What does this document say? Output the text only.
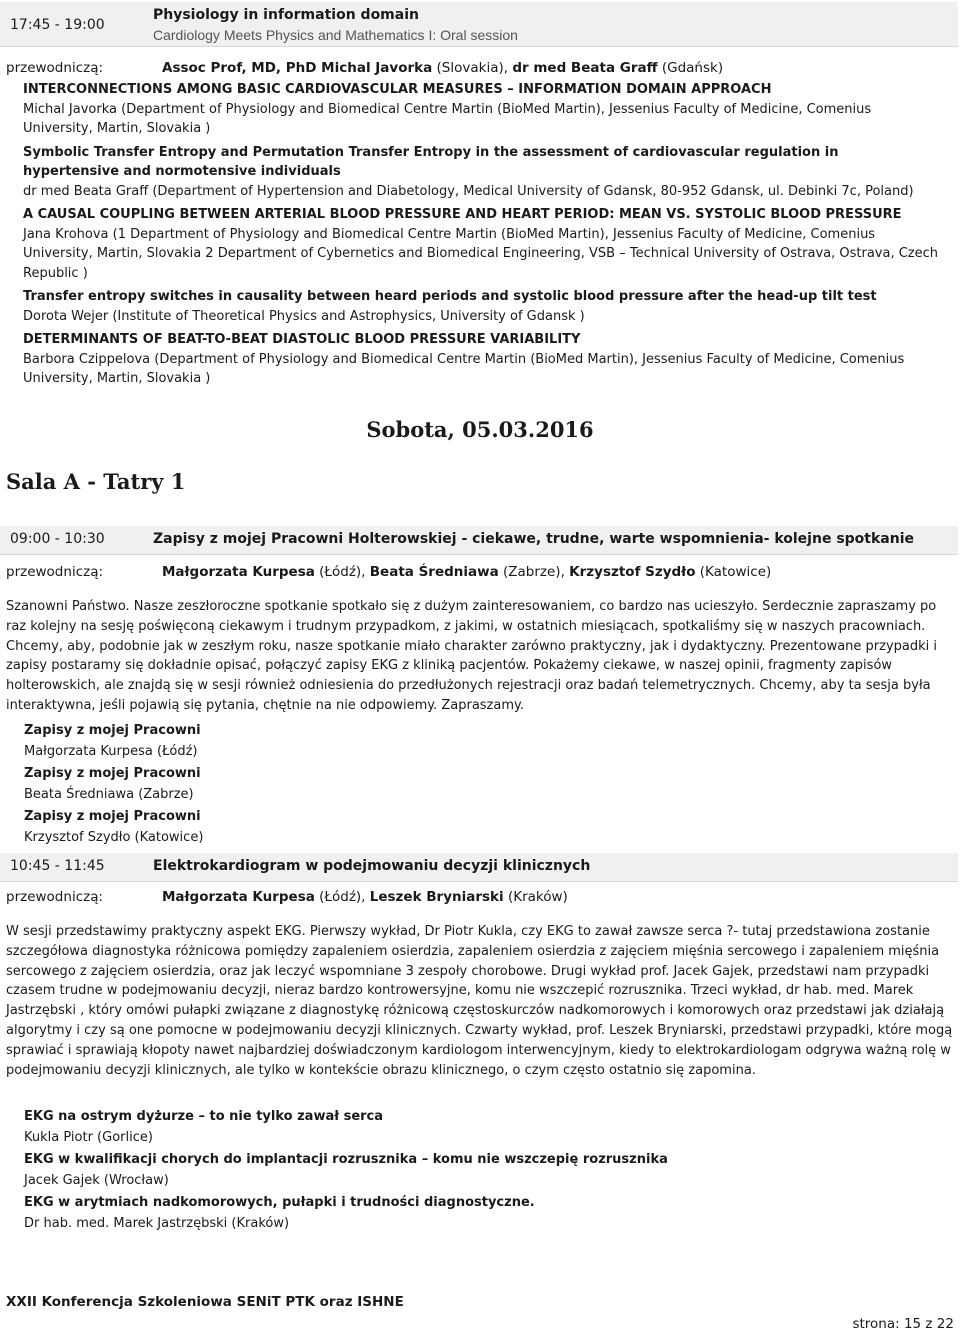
17:45 - 19:00
Physiology in information domain
Cardiology Meets Physics and Mathematics I: Oral session
przewodniczą:	Assoc Prof, MD, PhD Michal Javorka (Slovakia), dr med Beata Graff (Gdańsk)
INTERCONNECTIONS AMONG BASIC CARDIOVASCULAR MEASURES – INFORMATION DOMAIN APPROACH
Michal Javorka (Department of Physiology and Biomedical Centre Martin (BioMed Martin), Jessenius Faculty of Medicine, Comenius University, Martin, Slovakia )
Symbolic Transfer Entropy and Permutation Transfer Entropy in the assessment of cardiovascular regulation in hypertensive and normotensive individuals
dr med Beata Graff (Department of Hypertension and Diabetology, Medical University of Gdansk, 80-952 Gdansk, ul. Debinki 7c, Poland)
A CAUSAL COUPLING BETWEEN ARTERIAL BLOOD PRESSURE AND HEART PERIOD: MEAN VS. SYSTOLIC BLOOD PRESSURE
Jana Krohova (1 Department of Physiology and Biomedical Centre Martin (BioMed Martin), Jessenius Faculty of Medicine, Comenius University, Martin, Slovakia 2 Department of Cybernetics and Biomedical Engineering, VSB – Technical University of Ostrava, Ostrava, Czech Republic )
Transfer entropy switches in causality between heard periods and systolic blood pressure after the head-up tilt test
Dorota Wejer (Institute of Theoretical Physics and Astrophysics, University of Gdansk )
DETERMINANTS OF BEAT-TO-BEAT DIASTOLIC BLOOD PRESSURE VARIABILITY
Barbora Czippelova (Department of Physiology and Biomedical Centre Martin (BioMed Martin), Jessenius Faculty of Medicine, Comenius University, Martin, Slovakia )
Sobota, 05.03.2016
Sala A - Tatry 1
09:00 - 10:30	Zapisy z mojej Pracowni Holterowskiej - ciekawe, trudne, warte wspomnienia- kolejne spotkanie
przewodniczą:	Małgorzata Kurpesa (Łódź), Beata Średniawa (Zabrze), Krzysztof Szydło (Katowice)
Szanowni Państwo. Nasze zeszłoroczne spotkanie spotkało się z dużym zainteresowaniem, co bardzo nas ucieszyło. Serdecznie zapraszamy po raz kolejny na sesję poświęconą ciekawym i trudnym przypadkom, z jakimi, w ostatnich miesiącach, spotkaliśmy się w naszych pracowniach. Chcemy, aby, podobnie jak w zeszłym roku, nasze spotkanie miało charakter zarówno praktyczny, jak i dydaktyczny. Prezentowane przypadki i zapisy postaramy się dokładnie opisać, połączyć zapisy EKG z kliniką pacjentów. Pokażemy ciekawe, w naszej opinii, fragmenty zapisów holterowskich, ale znajdą się w sesji również odniesienia do przedłużonych rejestracji oraz badań telemetrycznych. Chcemy, aby ta sesja była interaktywna, jeśli pojawią się pytania, chętnie na nie odpowiemy. Zapraszamy.
Zapisy z mojej Pracowni
Małgorzata Kurpesa (Łódź)
Zapisy z mojej Pracowni
Beata Średniawa (Zabrze)
Zapisy z mojej Pracowni
Krzysztof Szydło (Katowice)
10:45 - 11:45	Elektrokardiogram w podejmowaniu decyzji klinicznych
przewodniczą:	Małgorzata Kurpesa (Łódź), Leszek Bryniarski (Kraków)
W sesji przedstawimy praktyczny aspekt EKG. Pierwszy wykład, Dr Piotr Kukla, czy EKG to zawał zawsze serca ?- tutaj przedstawiona zostanie szczegółowa diagnostyka różnicowa pomiędzy zapaleniem osierdzia, zapaleniem osierdzia z zajęciem mięśnia sercowego i zapaleniem mięśnia sercowego z zajęciem osierdzia, oraz jak leczyć wspomniane 3 zespoły chorobowe. Drugi wykład prof. Jacek Gajek, przedstawi nam przypadki czasem trudne w podejmowaniu decyzji, nieraz bardzo kontrowersyjne, komu nie wszczepić rozrusznika. Trzeci wykład, dr hab. med. Marek Jastrzębski , który omówi pułapki związane z diagnostykę różnicową częstoskurczów nadkomorowych i komorowych oraz przedstawi jak działają algorytmy i czy są one pomocne w podejmowaniu decyzji klinicznych. Czwarty wykład, prof. Leszek Bryniarski, przedstawi przypadki, które mogą sprawiać i sprawiają kłopoty nawet najbardziej doświadczonym kardiologom interwencyjnym, kiedy to elektrokardiologam odgrywa ważną rolę w podejmowaniu decyzji klinicznych, ale tylko w kontekście obrazu klinicznego, o czym często ostatnio się zapomina.
EKG na ostrym dyżurze – to nie tylko zawał serca
Kukla Piotr (Gorlice)
EKG w kwalifikacji chorych do implantacji rozrusznika – komu nie wszczepię rozrusznika
Jacek Gajek (Wrocław)
EKG w arytmiach nadkomorowych, pułapki i trudności diagnostyczne.
Dr hab. med. Marek Jastrzębski (Kraków)
XXII Konferencja Szkoleniowa SENiT PTK oraz ISHNE
strona: 15 z 22
